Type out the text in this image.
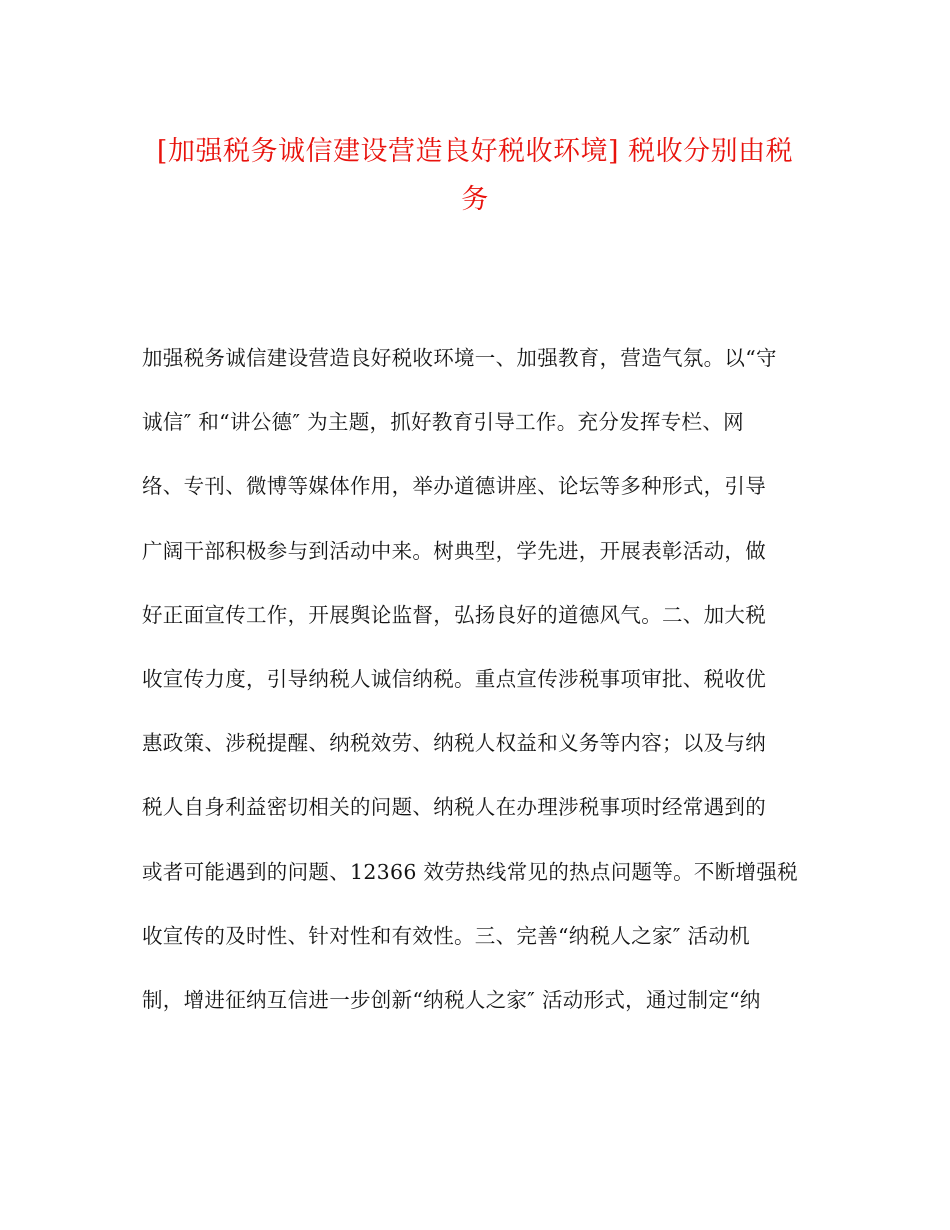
[加强税务诚信建设营造良好税收环境] 税收分别由税
务
加强税务诚信建设营造良好税收环境一、加强教育，营造气氛。以“守
诚信″ 和“讲公德″ 为主题，抓好教育引导工作。充分发挥专栏、网
络、专刊、微博等媒体作用，举办道德讲座、论坛等多种形式，引导
广阔干部积极参与到活动中来。树典型，学先进，开展表彰活动，做
好正面宣传工作，开展舆论监督，弘扬良好的道德风气。二、加大税
收宣传力度，引导纳税人诚信纳税。重点宣传涉税事项审批、税收优
惠政策、涉税提醒、纳税效劳、纳税人权益和义务等内容；以及与纳
税人自身利益密切相关的问题、纳税人在办理涉税事项时经常遇到的
或者可能遇到的问题、12366 效劳热线常见的热点问题等。不断增强税
收宣传的及时性、针对性和有效性。三、完善“纳税人之家″ 活动机
制，增进征纳互信进一步创新“纳税人之家″ 活动形式，通过制定“纳
